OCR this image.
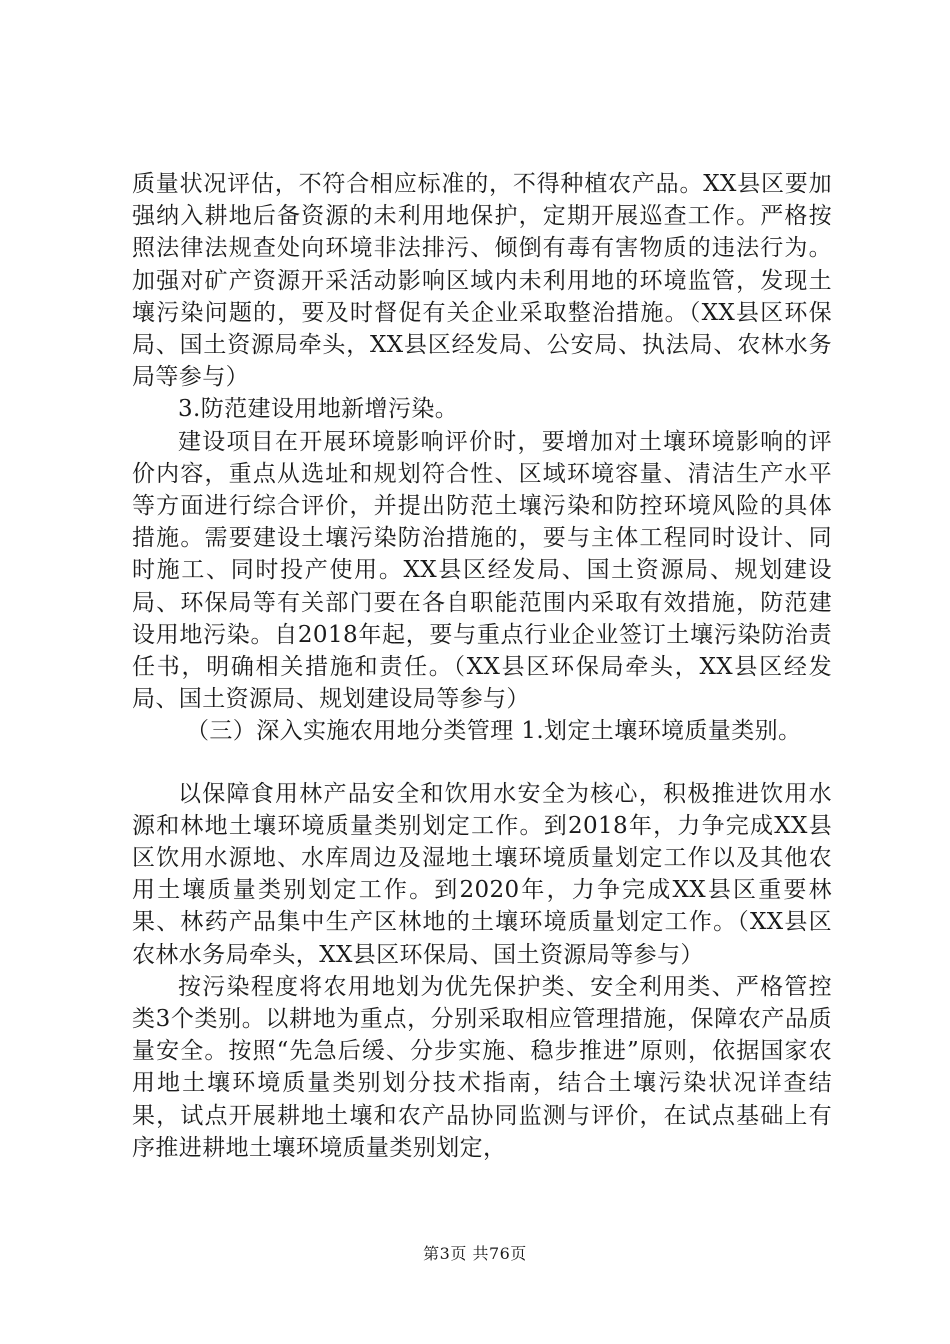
质量状况评估，不符合相应标准的，不得种植农产品。XX县区要加强纳入耕地后备资源的未利用地保护，定期开展巡查工作。严格按照法律法规查处向环境非法排污、倾倒有毒有害物质的违法行为。加强对矿产资源开采活动影响区域内未利用地的环境监管，发现土壤污染问题的，要及时督促有关企业采取整治措施。（XX县区环保局、国土资源局牵头，XX县区经发局、公安局、执法局、农林水务局等参与）

3.防范建设用地新增污染。

建设项目在开展环境影响评价时，要增加对土壤环境影响的评价内容，重点从选址和规划符合性、区域环境容量、清洁生产水平等方面进行综合评价，并提出防范土壤污染和防控环境风险的具体措施。需要建设土壤污染防治措施的，要与主体工程同时设计、同时施工、同时投产使用。XX县区经发局、国土资源局、规划建设局、环保局等有关部门要在各自职能范围内采取有效措施，防范建设用地污染。自2018年起，要与重点行业企业签订土壤污染防治责任书，明确相关措施和责任。（XX县区环保局牵头，XX县区经发局、国土资源局、规划建设局等参与）

（三）深入实施农用地分类管理 1.划定土壤环境质量类别。

以保障食用林产品安全和饮用水安全为核心，积极推进饮用水源和林地土壤环境质量类别划定工作。到2018年，力争完成XX县区饮用水源地、水库周边及湿地土壤环境质量划定工作以及其他农用土壤质量类别划定工作。到2020年，力争完成XX县区重要林果、林药产品集中生产区林地的土壤环境质量划定工作。（XX县区农林水务局牵头，XX县区环保局、国土资源局等参与）

按污染程度将农用地划为优先保护类、安全利用类、严格管控类3个类别。以耕地为重点，分别采取相应管理措施，保障农产品质量安全。按照“先急后缓、分步实施、稳步推进”原则，依据国家农用地土壤环境质量类别划分技术指南，结合土壤污染状况详查结果，试点开展耕地土壤和农产品协同监测与评价，在试点基础上有序推进耕地土壤环境质量类别划定，

第3页 共76页
